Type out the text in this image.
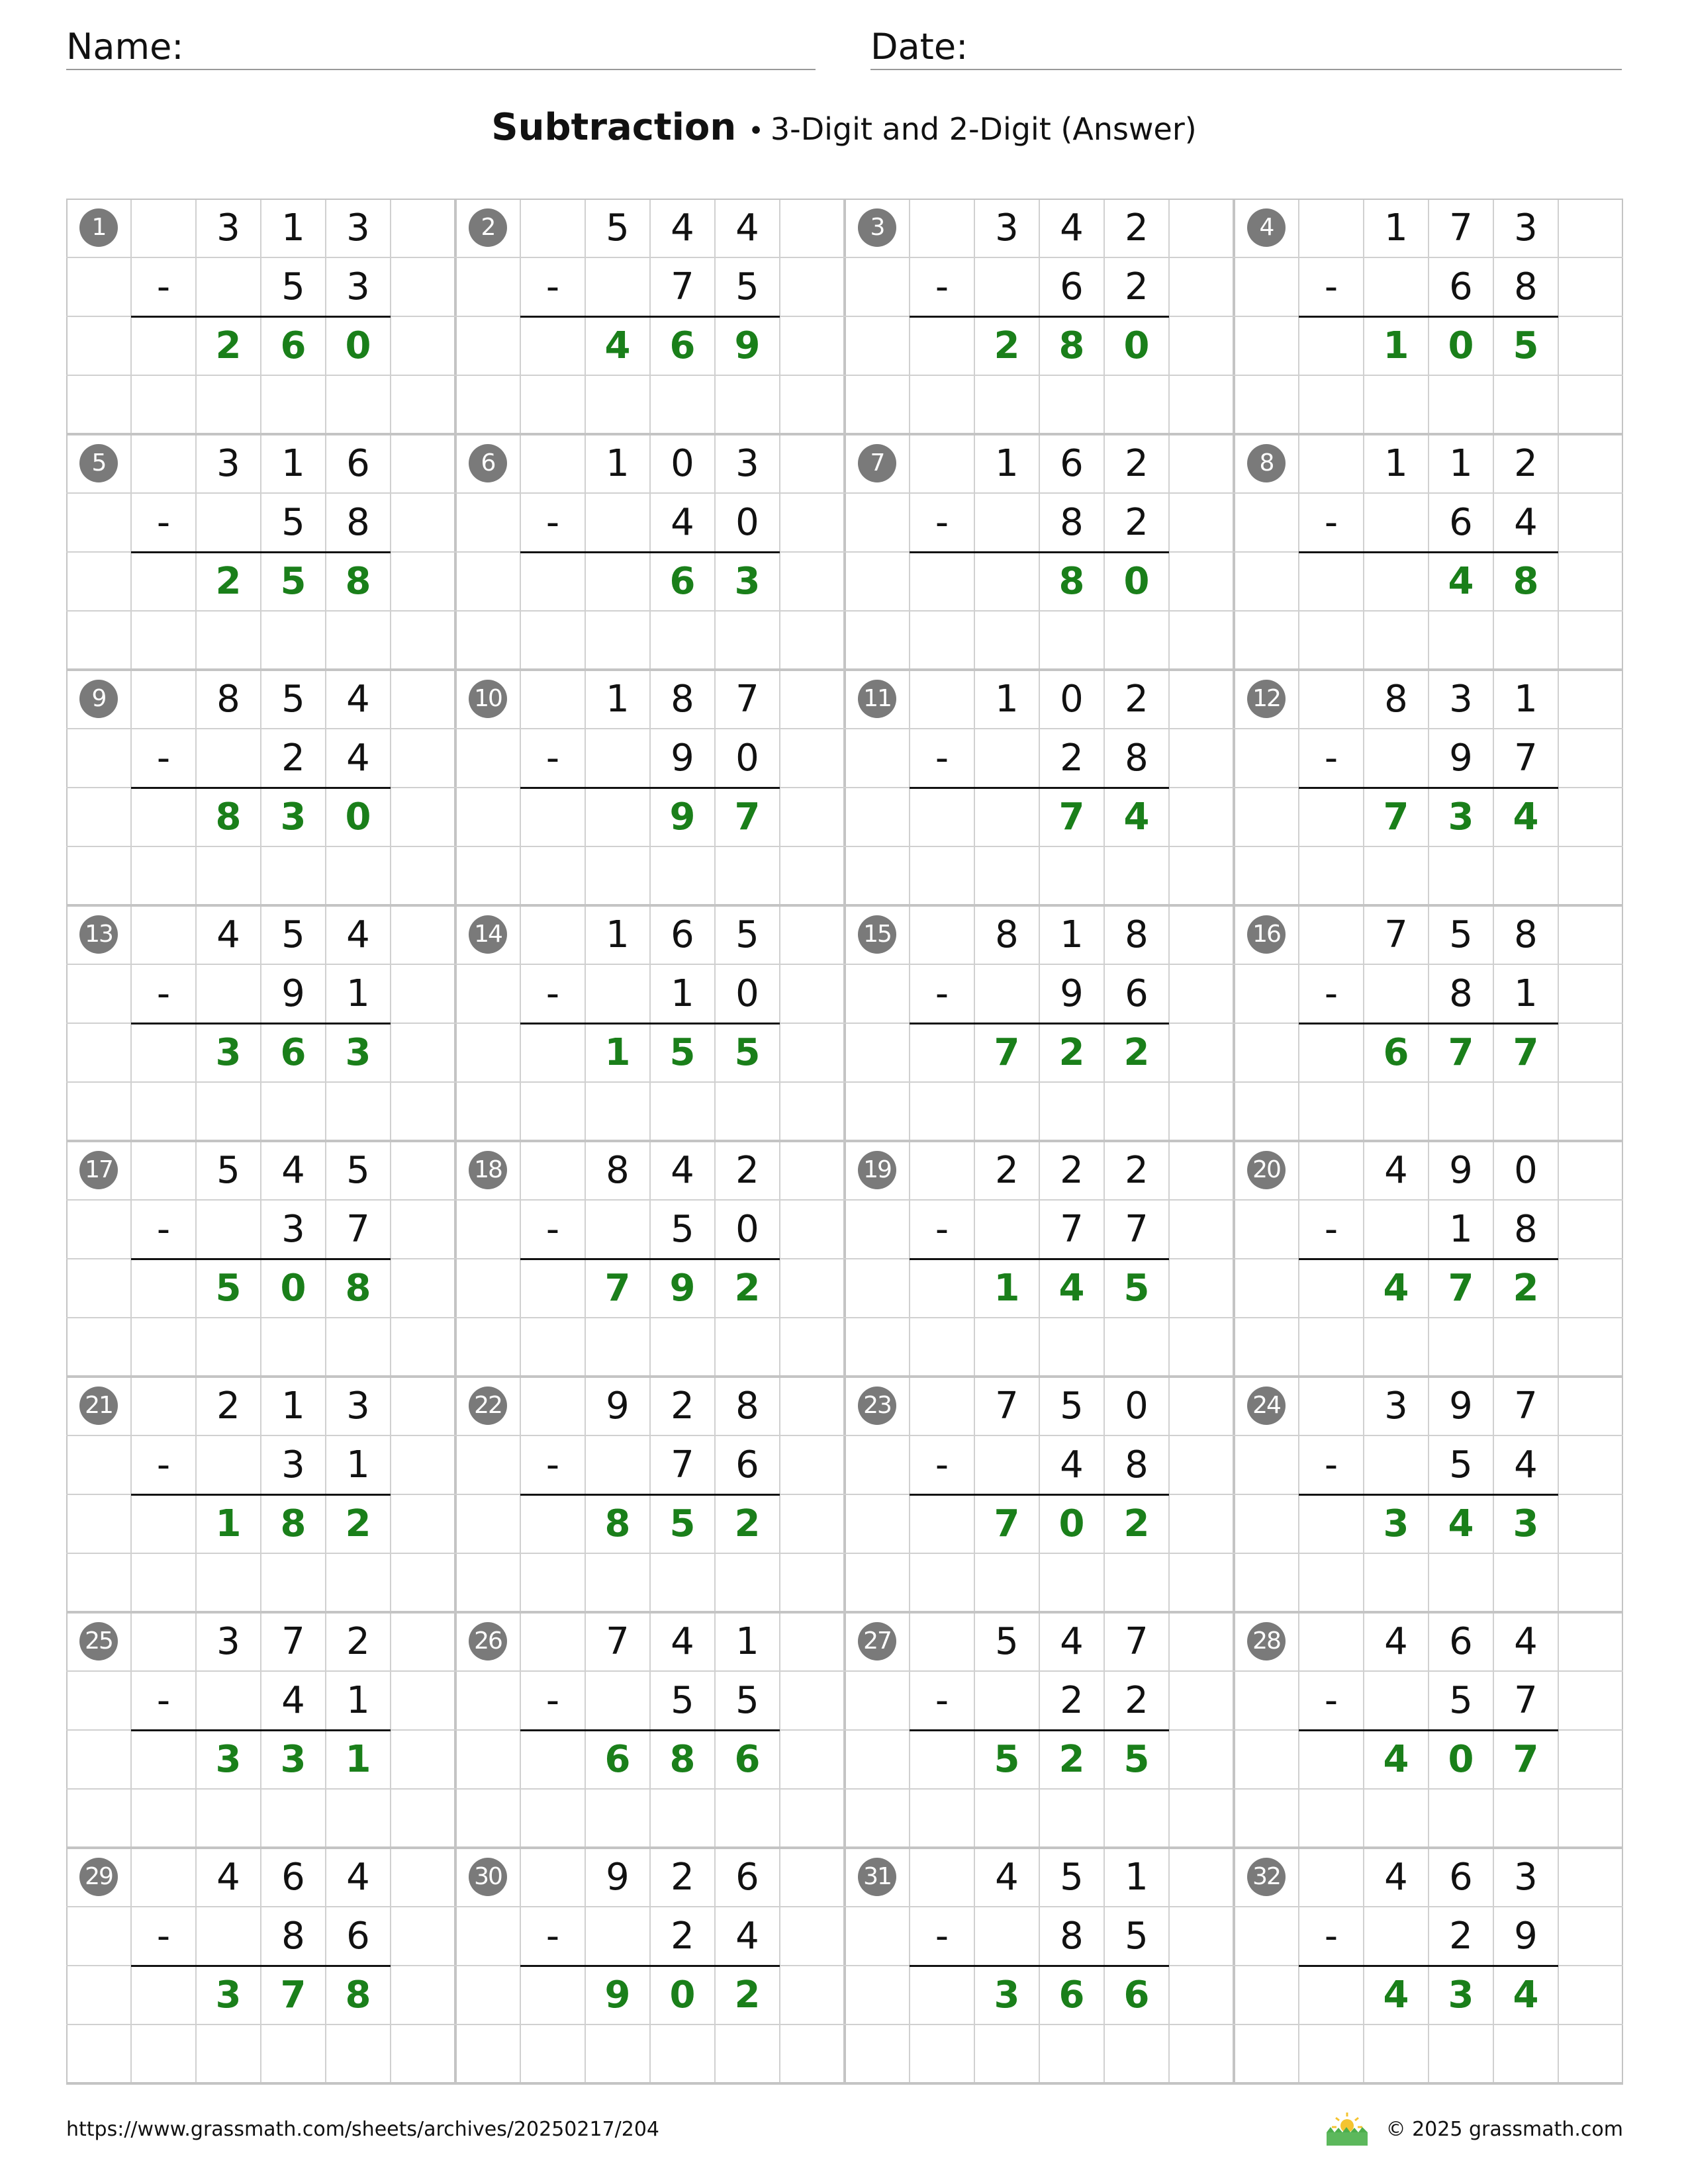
Name:	Date:
Subtraction • 3-Digit and 2-Digit (Answer)
1	3	1	3
-	5	3
2	6	0
2	5	4	4
-	7	5
4	6	9
3	3	4	2
-	6	2
2	8	0
4	1	7	3
-	6	8
1	0	5
5	3	1	6
-	5	8
2	5	8
6	1	0	3
-	4	0
6	3
7	1	6	2
-	8	2
8	0
8	1	1	2
-	6	4
4	8
9	8	5	4
-	2	4
8	3	0
10	1	8	7
-	9	0
9	7
11	1	0	2
-	2	8
7	4
12	8	3	1
-	9	7
7	3	4
13	4	5	4
-	9	1
3	6	3
14	1	6	5
-	1	0
1	5	5
15	8	1	8
-	9	6
7	2	2
16	7	5	8
-	8	1
6	7	7
17	5	4	5
-	3	7
5	0	8
18	8	4	2
-	5	0
7	9	2
19	2	2	2
-	7	7
1	4	5
20	4	9	0
-	1	8
4	7	2
21	2	1	3
-	3	1
1	8	2
22	9	2	8
-	7	6
8	5	2
23	7	5	0
-	4	8
7	0	2
24	3	9	7
-	5	4
3	4	3
25	3	7	2
-	4	1
3	3	1
26	7	4	1
-	5	5
6	8	6
27	5	4	7
-	2	2
5	2	5
28	4	6	4
-	5	7
4	0	7
29	4	6	4
-	8	6
3	7	8
30	9	2	6
-	2	4
9	0	2
31	4	5	1
-	8	5
3	6	6
32	4	6	3
-	2	9
4	3	4
https://www.grassmath.com/sheets/archives/20250217/204	© 2025 grassmath.com
